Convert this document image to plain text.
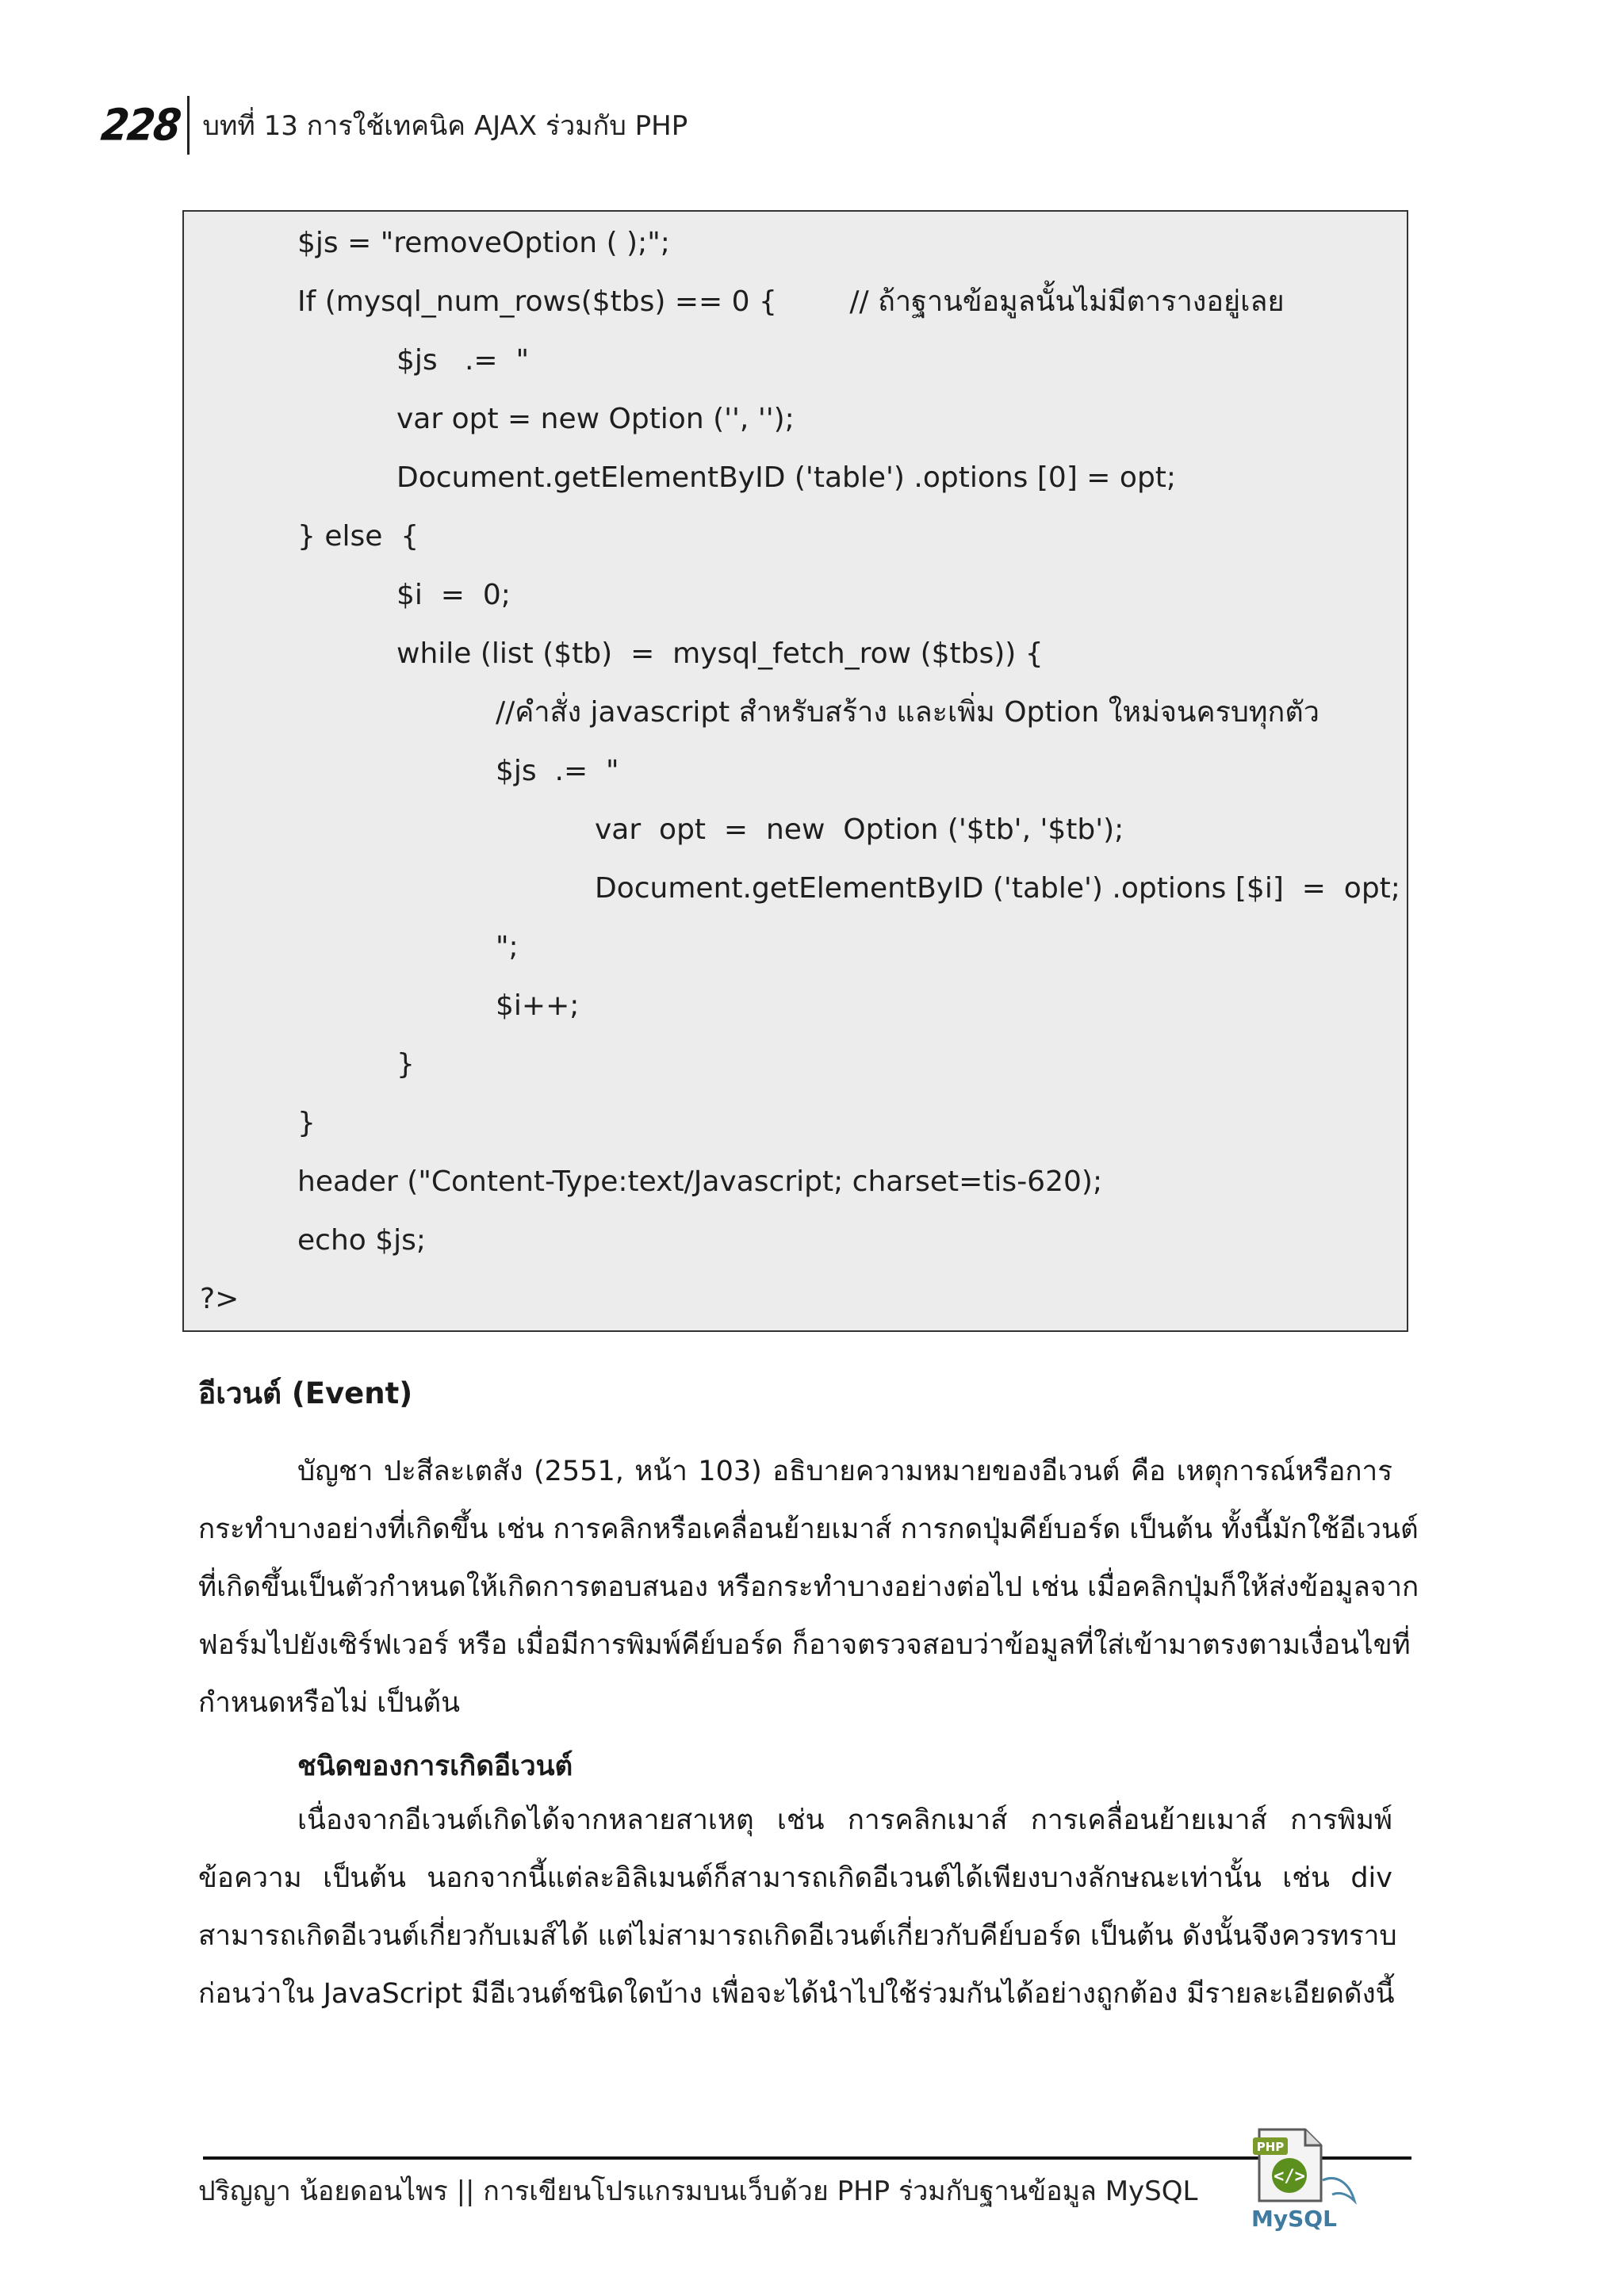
228 บทที่ 13 การใช้เทคนิค AJAX ร่วมกับ PHP
$js = "removeOption ( );";
If (mysql_num_rows($tbs) == 0 {        // ถ้าฐานข้อมูลนั้นไม่มีตารางอยู่เลย
$js   .=  "
var opt = new Option ('', '');
Document.getElementByID ('table') .options [0] = opt;
} else  {
$i  =  0;
while (list ($tb)  =  mysql_fetch_row ($tbs)) {
//คำสั่ง javascript สำหรับสร้าง และเพิ่ม Option ใหม่จนครบทุกตัว
$js  .=  "
var  opt  =  new  Option ('$tb', '$tb');
Document.getElementByID ('table') .options [$i]  =  opt;
";
$i++;
}
}
header ("Content-Type:text/Javascript; charset=tis-620);
echo $js;
?>
อีเวนต์ (Event)
บัญชา ปะสีละเตสัง (2551, หน้า 103) อธิบายความหมายของอีเวนต์ คือ เหตุการณ์หรือการ
กระทำบางอย่างที่เกิดขึ้น เช่น การคลิกหรือเคลื่อนย้ายเมาส์ การกดปุ่มคีย์บอร์ด เป็นต้น ทั้งนี้มักใช้อีเวนต์
ที่เกิดขึ้นเป็นตัวกำหนดให้เกิดการตอบสนอง หรือกระทำบางอย่างต่อไป เช่น เมื่อคลิกปุ่มก็ให้ส่งข้อมูลจาก
ฟอร์มไปยังเซิร์ฟเวอร์ หรือ เมื่อมีการพิมพ์คีย์บอร์ด ก็อาจตรวจสอบว่าข้อมูลที่ใส่เข้ามาตรงตามเงื่อนไขที่
กำหนดหรือไม่ เป็นต้น
ชนิดของการเกิดอีเวนต์
เนื่องจากอีเวนต์เกิดได้จากหลายสาเหตุ เช่น การคลิกเมาส์ การเคลื่อนย้ายเมาส์ การพิมพ์
ข้อความ เป็นต้น นอกจากนี้แต่ละอิลิเมนต์ก็สามารถเกิดอีเวนต์ได้เพียงบางลักษณะเท่านั้น เช่น div
สามารถเกิดอีเวนต์เกี่ยวกับเมส์ได้ แต่ไม่สามารถเกิดอีเวนต์เกี่ยวกับคีย์บอร์ด เป็นต้น ดังนั้นจึงควรทราบ
ก่อนว่าใน JavaScript มีอีเวนต์ชนิดใดบ้าง เพื่อจะได้นำไปใช้ร่วมกันได้อย่างถูกต้อง มีรายละเอียดดังนี้
ปริญญา น้อยดอนไพร || การเขียนโปรแกรมบนเว็บด้วย PHP ร่วมกับฐานข้อมูล MySQL
PHP
</>
MySQL
